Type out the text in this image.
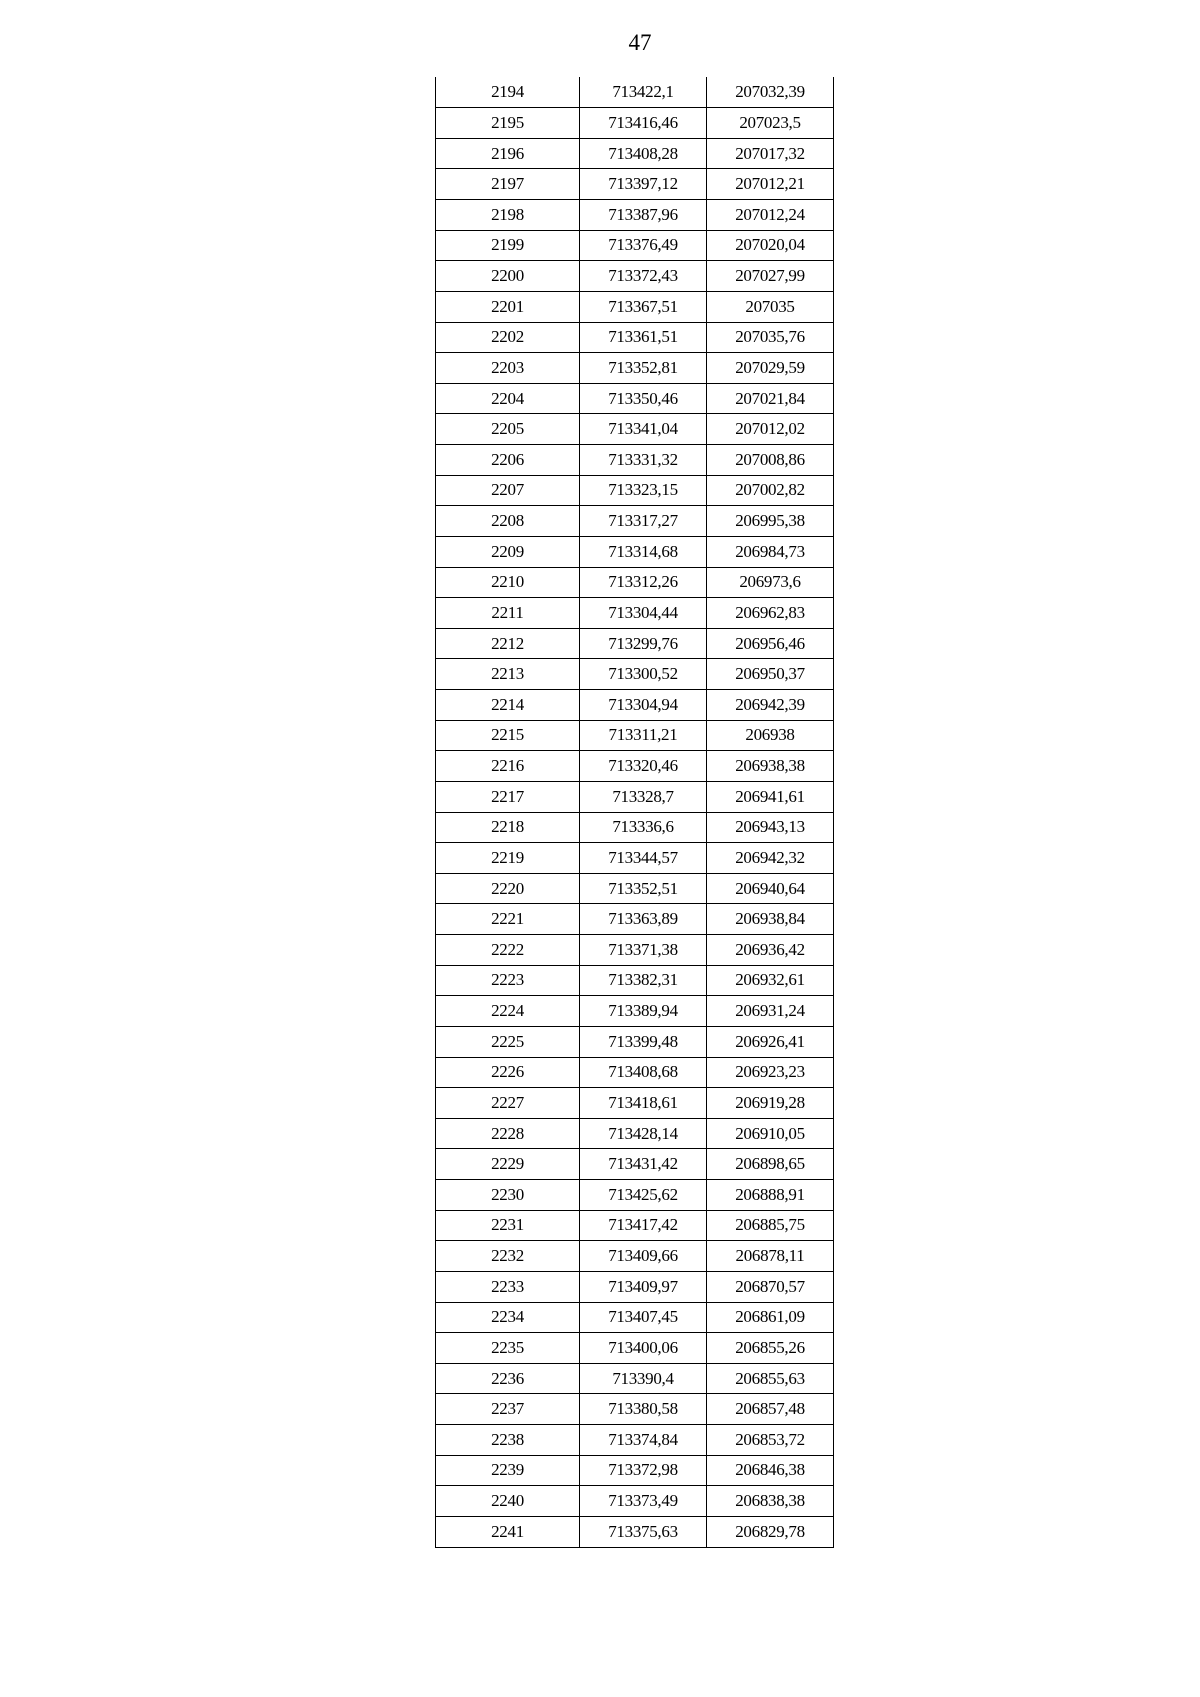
47
2194	713422,1	207032,39
2195	713416,46	207023,5
2196	713408,28	207017,32
2197	713397,12	207012,21
2198	713387,96	207012,24
2199	713376,49	207020,04
2200	713372,43	207027,99
2201	713367,51	207035
2202	713361,51	207035,76
2203	713352,81	207029,59
2204	713350,46	207021,84
2205	713341,04	207012,02
2206	713331,32	207008,86
2207	713323,15	207002,82
2208	713317,27	206995,38
2209	713314,68	206984,73
2210	713312,26	206973,6
2211	713304,44	206962,83
2212	713299,76	206956,46
2213	713300,52	206950,37
2214	713304,94	206942,39
2215	713311,21	206938
2216	713320,46	206938,38
2217	713328,7	206941,61
2218	713336,6	206943,13
2219	713344,57	206942,32
2220	713352,51	206940,64
2221	713363,89	206938,84
2222	713371,38	206936,42
2223	713382,31	206932,61
2224	713389,94	206931,24
2225	713399,48	206926,41
2226	713408,68	206923,23
2227	713418,61	206919,28
2228	713428,14	206910,05
2229	713431,42	206898,65
2230	713425,62	206888,91
2231	713417,42	206885,75
2232	713409,66	206878,11
2233	713409,97	206870,57
2234	713407,45	206861,09
2235	713400,06	206855,26
2236	713390,4	206855,63
2237	713380,58	206857,48
2238	713374,84	206853,72
2239	713372,98	206846,38
2240	713373,49	206838,38
2241	713375,63	206829,78
